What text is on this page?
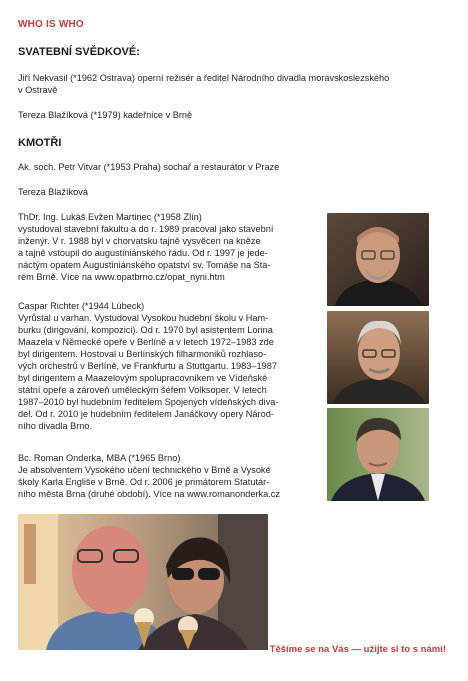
WHO IS WHO
SVATEBNÍ SVĚDKOVÉ:
Jiří Nekvasil (*1962 Ostrava) operní režisér a ředitel Národního divadla moravskoslezského
v Ostravě
Tereza Blažíková (*1979) kadeřnice v Brně
KMOTŘI
Ak. soch. Petr Vitvar (*1953 Praha) sochař a restaurátor v Praze
Tereza Blažíková
ThDr. Ing. Lukáš Evžen Martinec (*1958 Zlín)
vystudoval stavební fakultu a do r. 1989 pracoval jako stavební
inženýr. V r. 1988 byl v chorvatsku tajně vysvěcen na kněze
a tajně vstoupil do augustiniánského řádu. Od r. 1997 je jede-
náctým opatem Augustiniánského opatství sv. Tomáše na Sta-
rém Brně. Více na www.opatbrno.cz/opat_nyni.htm
Caspar Richter (*1944 Lübeck)
Vyrůstal u varhan. Vystudoval Vysokou hudební školu v Ham-
burku (dirigování, kompozici). Od r. 1970 byl asistentem Lorina
Maazela v Německé opeře v Berlíně a v letech 1972–1983 zde
byl dirigentem. Hostoval u Berlínských filharmoniků rozhlaso-
vých orchestrů v Berlíně, ve Frankfurtu a Stuttgartu. 1983–1987
byl dirigentem a Maazelovým spolupracovníkem ve Vídeňské
státní opeře a zároveň uměleckým šéfem Volksoper. V letech
1987–2010 byl hudebním ředitelem Spojených vídeňských diva-
del. Od r. 2010 je hudebním ředitelem Janáčkovy opery Národ-
ního divadla Brno.
Bc. Roman Onderka, MBA (*1965 Brno)
Je absolventem Vysokého učení technického v Brně a Vysoké
školy Karla Engliše v Brně. Od r. 2006 je primátorem Statutár-
ního města Brna (druhé období). Více na www.romanonderka.cz
Těšíme se na Vás — užijte si to s námi!
